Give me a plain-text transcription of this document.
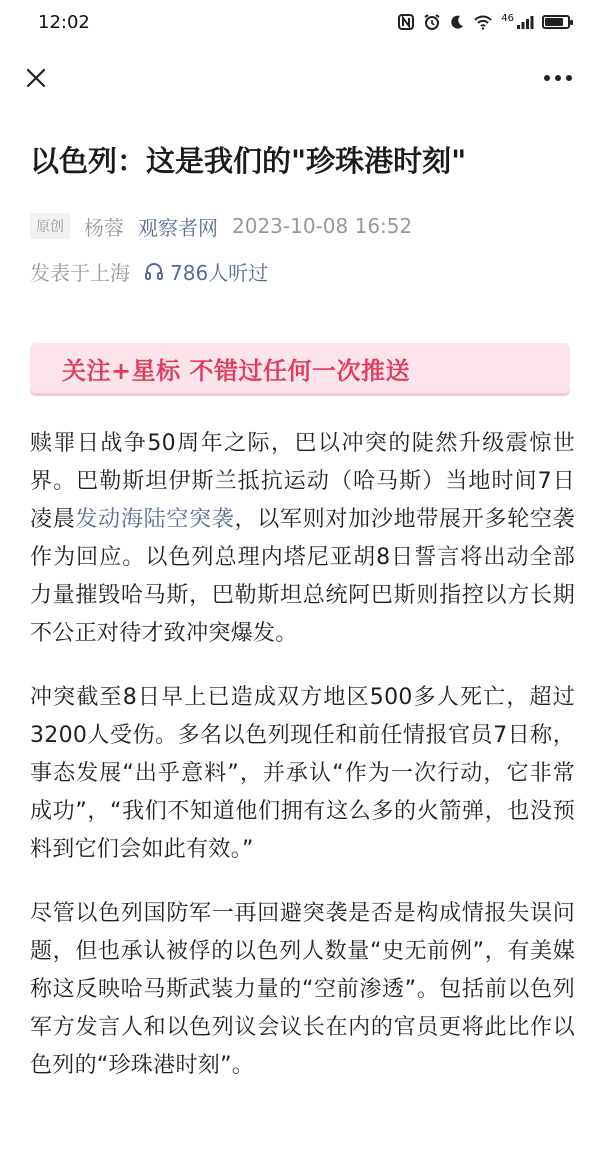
12:02	46
以色列：这是我们的"珍珠港时刻"
原创	杨蓉 观察者网 2023-10-08 16:52
发表于上海 786人听过
关注+星标 不错过任何一次推送

赎罪日战争50周年之际，巴以冲突的陡然升级震惊世界。巴勒斯坦伊斯兰抵抗运动（哈马斯）当地时间7日凌晨发动海陆空突袭，以军则对加沙地带展开多轮空袭作为回应。以色列总理内塔尼亚胡8日誓言将出动全部力量摧毁哈马斯，巴勒斯坦总统阿巴斯则指控以方长期不公正对待才致冲突爆发。

冲突截至8日早上已造成双方地区500多人死亡，超过3200人受伤。多名以色列现任和前任情报官员7日称，事态发展“出乎意料”，并承认“作为一次行动，它非常成功”，“我们不知道他们拥有这么多的火箭弹，也没预料到它们会如此有效。”

尽管以色列国防军一再回避突袭是否是构成情报失误问题，但也承认被俘的以色列人数量“史无前例”，有美媒称这反映哈马斯武装力量的“空前渗透”。包括前以色列军方发言人和以色列议会议长在内的官员更将此比作以色列的“珍珠港时刻”。
